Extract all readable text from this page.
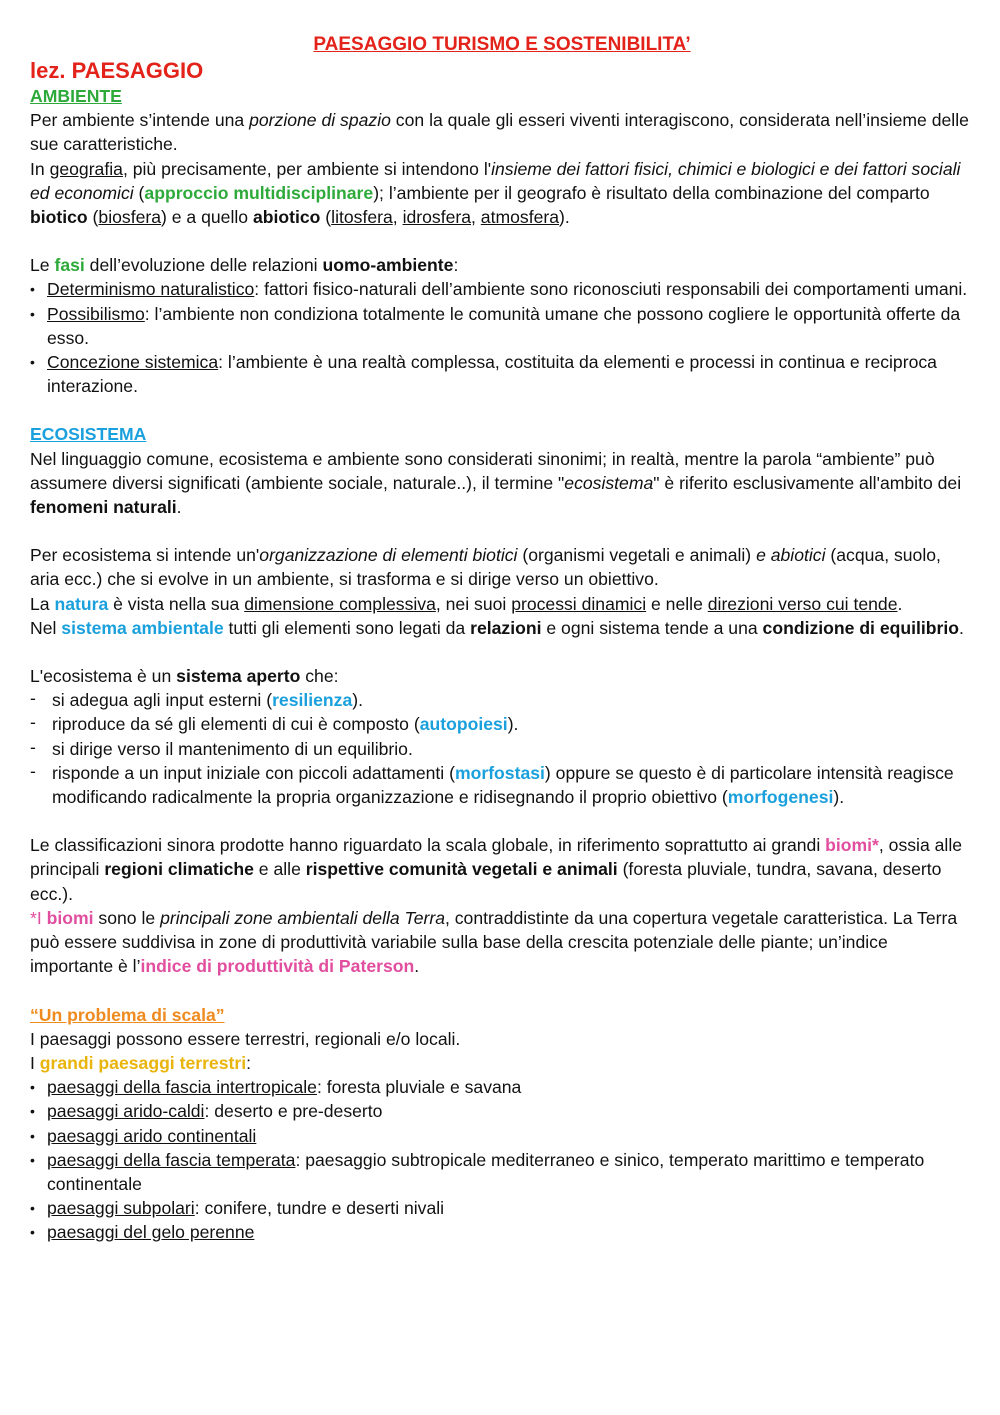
PAESAGGIO TURISMO E SOSTENIBILITA’
lez. PAESAGGIO
AMBIENTE

Per ambiente s’intende una porzione di spazio con la quale gli esseri viventi interagiscono, considerata nell’insieme delle sue caratteristiche.

In geografia, più precisamente, per ambiente si intendono l'insieme dei fattori fisici, chimici e biologici e dei fattori sociali ed economici (approccio multidisciplinare); l’ambiente per il geografo è risultato della combinazione del comparto biotico (biosfera) e a quello abiotico (litosfera, idrosfera, atmosfera).

Le fasi dell’evoluzione delle relazioni uomo-ambiente:

• Determinismo naturalistico: fattori fisico-naturali dell’ambiente sono riconosciuti responsabili dei comportamenti umani.
• Possibilismo: l’ambiente non condiziona totalmente le comunità umane che possono cogliere le opportunità offerte da esso.
• Concezione sistemica: l’ambiente è una realtà complessa, costituita da elementi e processi in continua e reciproca interazione.
ECOSISTEMA

Nel linguaggio comune, ecosistema e ambiente sono considerati sinonimi; in realtà, mentre la parola “ambiente” può assumere diversi significati (ambiente sociale, naturale..), il termine "ecosistema" è riferito esclusivamente all'ambito dei fenomeni naturali.

Per ecosistema si intende un'organizzazione di elementi biotici (organismi vegetali e animali) e abiotici (acqua, suolo, aria ecc.) che si evolve in un ambiente, si trasforma e si dirige verso un obiettivo.

La natura è vista nella sua dimensione complessiva, nei suoi processi dinamici e nelle direzioni verso cui tende.

Nel sistema ambientale tutti gli elementi sono legati da relazioni e ogni sistema tende a una condizione di equilibrio.

L'ecosistema è un sistema aperto che:

- si adegua agli input esterni (resilienza).
- riproduce da sé gli elementi di cui è composto (autopoiesi).
- si dirige verso il mantenimento di un equilibrio.
- risponde a un input iniziale con piccoli adattamenti (morfostasi) oppure se questo è di particolare intensità reagisce modificando radicalmente la propria organizzazione e ridisegnando il proprio obiettivo (morfogenesi).

Le classificazioni sinora prodotte hanno riguardato la scala globale, in riferimento soprattutto ai grandi biomi*, ossia alle principali regioni climatiche e alle rispettive comunità vegetali e animali (foresta pluviale, tundra, savana, deserto ecc.).

*I biomi sono le principali zone ambientali della Terra, contraddistinte da una copertura vegetale caratteristica. La Terra può essere suddivisa in zone di produttività variabile sulla base della crescita potenziale delle piante; un’indice importante è l’indice di produttività di Paterson.

“Un problema di scala”

I paesaggi possono essere terrestri, regionali e/o locali.

I grandi paesaggi terrestri:

• paesaggi della fascia intertropicale: foresta pluviale e savana
• paesaggi arido-caldi: deserto e pre-deserto
• paesaggi arido continentali
• paesaggi della fascia temperata: paesaggio subtropicale mediterraneo e sinico, temperato marittimo e temperato continentale
• paesaggi subpolari: conifere, tundre e deserti nivali
• paesaggi del gelo perenne
